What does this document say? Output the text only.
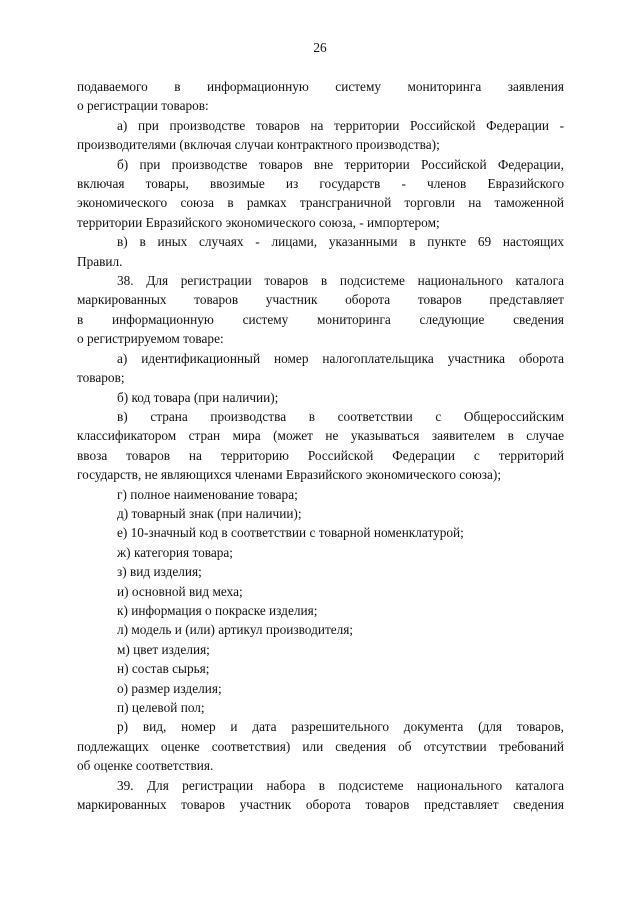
26
подаваемого в информационную систему мониторинга заявления
о регистрации товаров:
а) при производстве товаров на территории Российской Федерации -
производителями (включая случаи контрактного производства);
б) при производстве товаров вне территории Российской Федерации,
включая товары, ввозимые из государств - членов Евразийского
экономического союза в рамках трансграничной торговли на таможенной
территории Евразийского экономического союза, - импортером;
в) в иных случаях - лицами, указанными в пункте 69 настоящих
Правил.
38. Для регистрации товаров в подсистеме национального каталога
маркированных товаров участник оборота товаров представляет
в информационную систему мониторинга следующие сведения
о регистрируемом товаре:
а) идентификационный номер налогоплательщика участника оборота
товаров;
б) код товара (при наличии);
в) страна производства в соответствии с Общероссийским
классификатором стран мира (может не указываться заявителем в случае
ввоза товаров на территорию Российской Федерации с территорий
государств, не являющихся членами Евразийского экономического союза);
г) полное наименование товара;
д) товарный знак (при наличии);
е) 10-значный код в соответствии с товарной номенклатурой;
ж) категория товара;
з) вид изделия;
и) основной вид меха;
к) информация о покраске изделия;
л) модель и (или) артикул производителя;
м) цвет изделия;
н) состав сырья;
о) размер изделия;
п) целевой пол;
р) вид, номер и дата разрешительного документа (для товаров,
подлежащих оценке соответствия) или сведения об отсутствии требований
об оценке соответствия.
39. Для регистрации набора в подсистеме национального каталога
маркированных товаров участник оборота товаров представляет сведения
